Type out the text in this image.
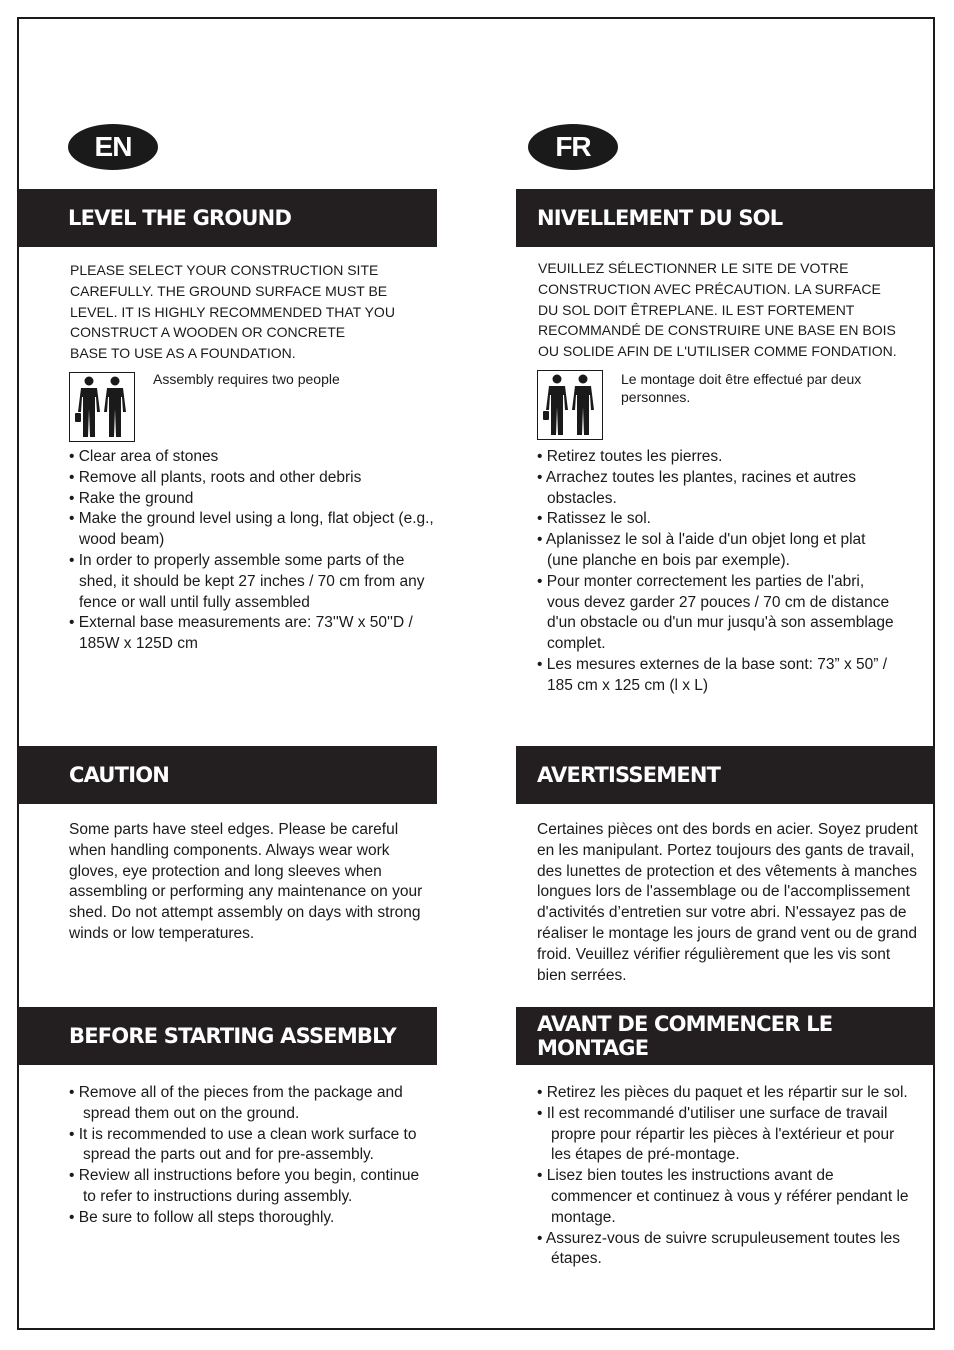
EN	FR
LEVEL THE GROUND	NIVELLEMENT DU SOL
PLEASE SELECT YOUR CONSTRUCTION SITE
CAREFULLY. THE GROUND SURFACE MUST BE
LEVEL. IT IS HIGHLY RECOMMENDED THAT YOU
CONSTRUCT A WOODEN OR CONCRETE
BASE TO USE AS A FOUNDATION.
VEUILLEZ SÉLECTIONNER LE SITE DE VOTRE
CONSTRUCTION AVEC PRÉCAUTION. LA SURFACE
DU SOL DOIT ÊTREPLANE. IL EST FORTEMENT
RECOMMANDÉ DE CONSTRUIRE UNE BASE EN BOIS
OU SOLIDE AFIN DE L'UTILISER COMME FONDATION.
Assembly requires two people	Le montage doit être effectué par deux personnes.
• Clear area of stones
• Remove all plants, roots and other debris
• Rake the ground
• Make the ground level using a long, flat object (e.g., wood beam)
• In order to properly assemble some parts of the shed, it should be kept 27 inches / 70 cm from any fence or wall until fully assembled
• External base measurements are: 73''W x 50''D / 185W x 125D cm
• Retirez toutes les pierres.
• Arrachez toutes les plantes, racines et autres obstacles.
• Ratissez le sol.
• Aplanissez le sol à l'aide d'un objet long et plat (une planche en bois par exemple).
• Pour monter correctement les parties de l'abri, vous devez garder 27 pouces / 70 cm de distance d'un obstacle ou d'un mur jusqu'à son assemblage complet.
• Les mesures externes de la base sont: 73” x 50” / 185 cm x 125 cm (l x L)
CAUTION	AVERTISSEMENT
Some parts have steel edges. Please be careful when handling components. Always wear work gloves, eye protection and long sleeves when assembling or performing any maintenance on your shed. Do not attempt assembly on days with strong winds or low temperatures.
Certaines pièces ont des bords en acier. Soyez prudent en les manipulant. Portez toujours des gants de travail, des lunettes de protection et des vêtements à manches longues lors de l'assemblage ou de l'accomplissement d'activités d’entretien sur votre abri. N'essayez pas de réaliser le montage les jours de grand vent ou de grand froid. Veuillez vérifier régulièrement que les vis sont bien serrées.
BEFORE STARTING ASSEMBLY	AVANT DE COMMENCER LE MONTAGE
• Remove all of the pieces from the package and spread them out on the ground.
• It is recommended to use a clean work surface to spread the parts out and for pre-assembly.
• Review all instructions before you begin, continue to refer to instructions during assembly.
• Be sure to follow all steps thoroughly.
• Retirez les pièces du paquet et les répartir sur le sol.
• Il est recommandé d'utiliser une surface de travail propre pour répartir les pièces à l'extérieur et pour les étapes de pré-montage.
• Lisez bien toutes les instructions avant de commencer et continuez à vous y référer pendant le montage.
• Assurez-vous de suivre scrupuleusement toutes les étapes.
